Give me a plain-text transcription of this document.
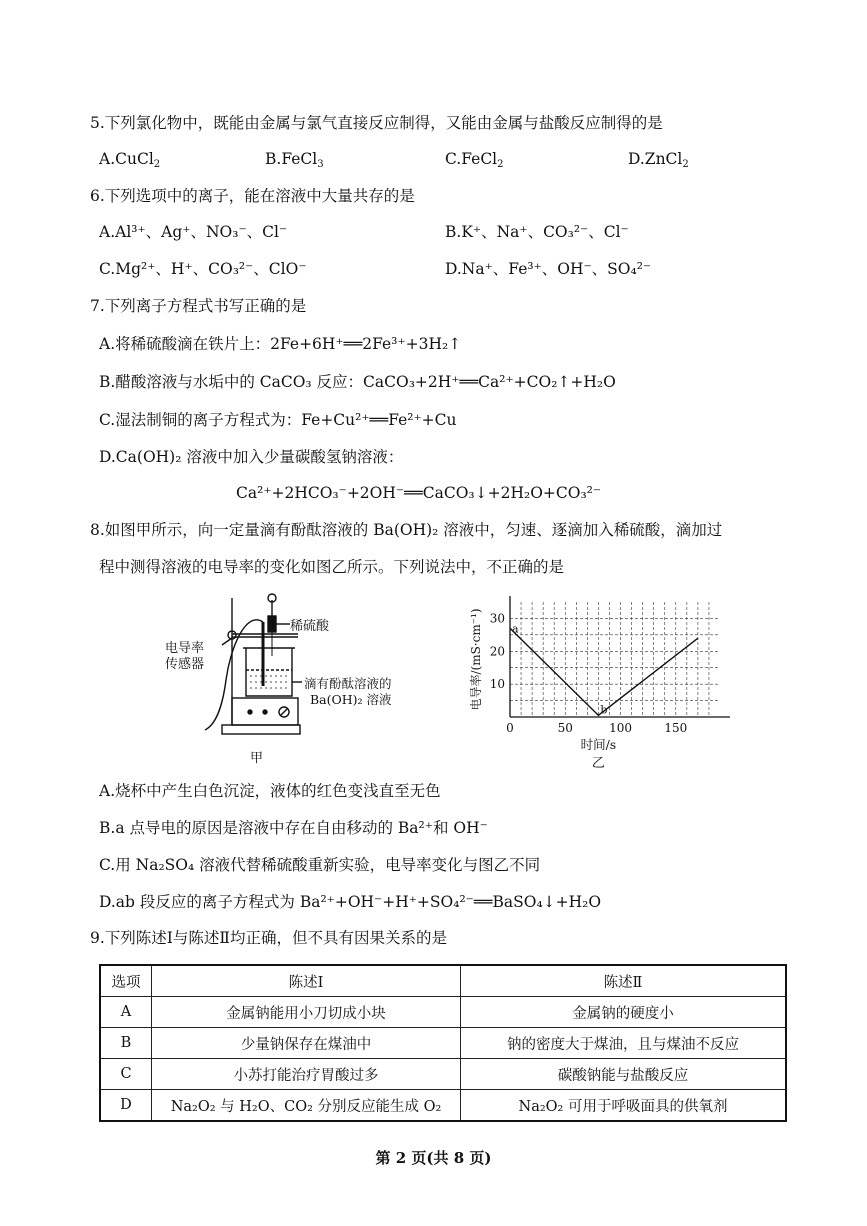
5.下列氯化物中，既能由金属与氯气直接反应制得，又能由金属与盐酸反应制得的是
A.CuCl$_2$	B.FeCl$_3$	C.FeCl$_2$	D.ZnCl$_2$
6.下列选项中的离子，能在溶液中大量共存的是
A.Al³⁺、Ag⁺、NO₃⁻、Cl⁻	B.K⁺、Na⁺、CO₃²⁻、Cl⁻
C.Mg²⁺、H⁺、CO₃²⁻、ClO⁻	D.Na⁺、Fe³⁺、OH⁻、SO₄²⁻
7.下列离子方程式书写正确的是
A.将稀硫酸滴在铁片上：2Fe+6H⁺══2Fe³⁺+3H₂↑
B.醋酸溶液与水垢中的 CaCO₃ 反应：CaCO₃+2H⁺══Ca²⁺+CO₂↑+H₂O
C.湿法制铜的离子方程式为：Fe+Cu²⁺══Fe²⁺+Cu
D.Ca(OH)₂ 溶液中加入少量碳酸氢钠溶液：
Ca²⁺+2HCO₃⁻+2OH⁻══CaCO₃↓+2H₂O+CO₃²⁻
8.如图甲所示，向一定量滴有酚酞溶液的 Ba(OH)₂ 溶液中，匀速、逐滴加入稀硫酸，滴加过
程中测得溶液的电导率的变化如图乙所示。下列说法中，不正确的是
稀硫酸
电导率
传感器
滴有酚酞溶液的
Ba(OH)₂ 溶液
甲
0	50	100	150
10
20
30
时间/s
电导率/(mS·cm⁻¹)	a
b
乙
A.烧杯中产生白色沉淀，液体的红色变浅直至无色
B.a 点导电的原因是溶液中存在自由移动的 Ba²⁺和 OH⁻
C.用 Na₂SO₄ 溶液代替稀硫酸重新实验，电导率变化与图乙不同
D.ab 段反应的离子方程式为 Ba²⁺+OH⁻+H⁺+SO₄²⁻══BaSO₄↓+H₂O
9.下列陈述Ⅰ与陈述Ⅱ均正确，但不具有因果关系的是
选项	陈述Ⅰ	陈述Ⅱ
A	金属钠能用小刀切成小块	金属钠的硬度小
B	少量钠保存在煤油中	钠的密度大于煤油，且与煤油不反应
C	小苏打能治疗胃酸过多	碳酸钠能与盐酸反应
D	Na₂O₂ 与 H₂O、CO₂ 分别反应能生成 O₂	Na₂O₂ 可用于呼吸面具的供氧剂
第 2 页(共 8 页)
